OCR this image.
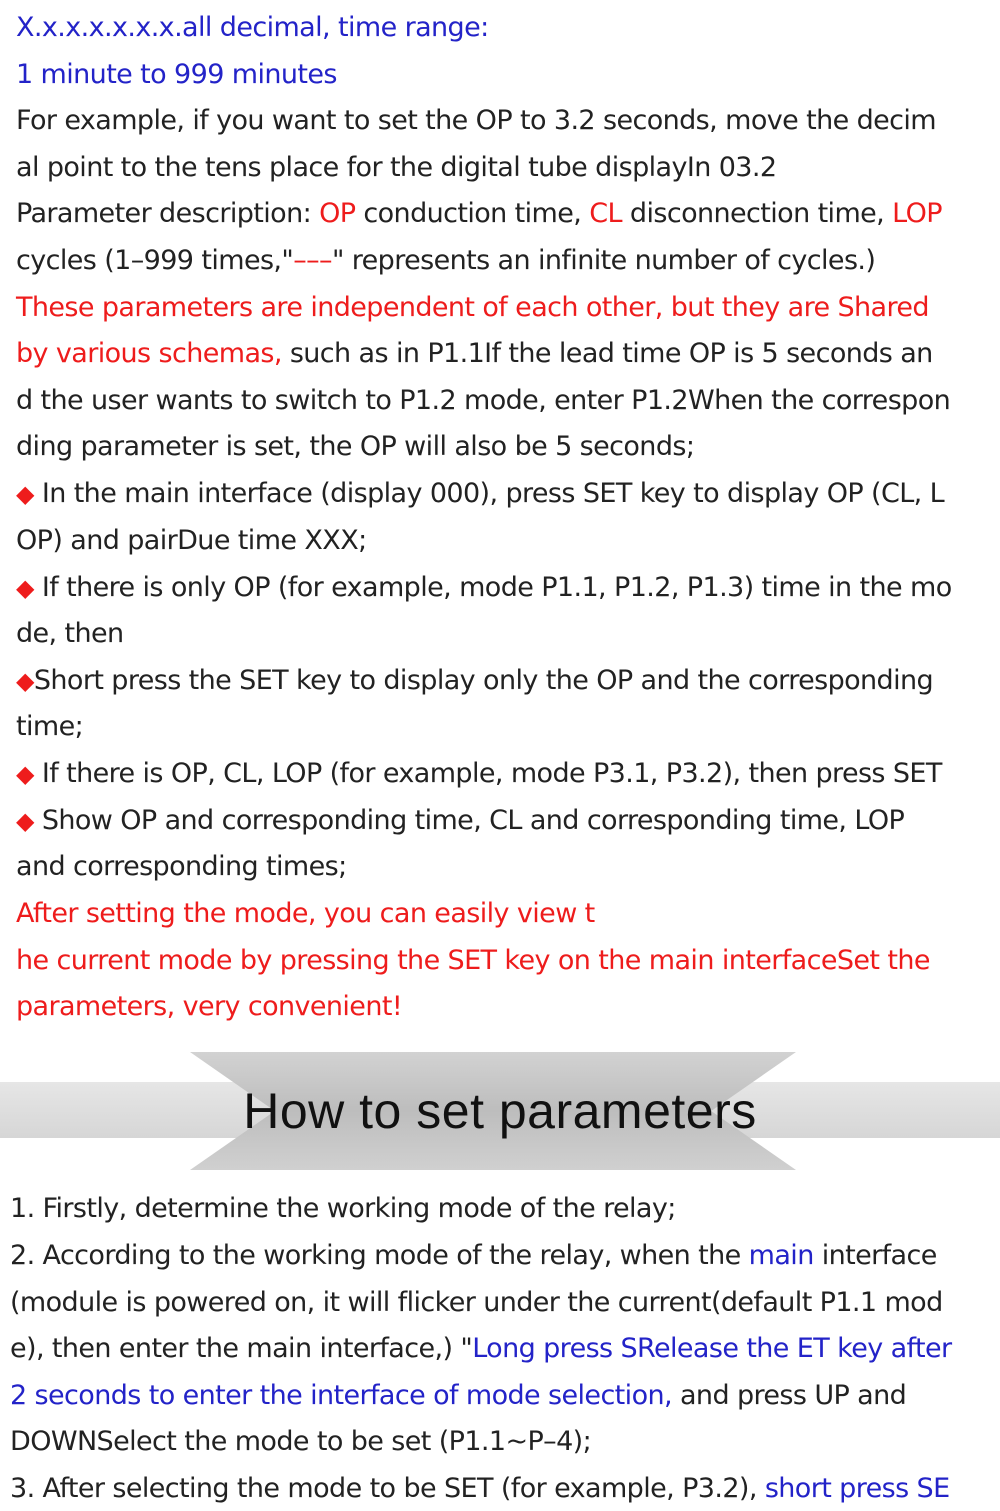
X.x.x.x.x.x.x.all decimal, time range:
1 minute to 999 minutes
For example, if you want to set the OP to 3.2 seconds, move the decim
al point to the tens place for the digital tube displayIn 03.2
Parameter description: OP conduction time, CL disconnection time, LOP
cycles (1–999 times,"–––" represents an infinite number of cycles.)
These parameters are independent of each other, but they are Shared
by various schemas, such as in P1.1If the lead time OP is 5 seconds an
d the user wants to switch to P1.2 mode, enter P1.2When the correspon
ding parameter is set, the OP will also be 5 seconds;
◆ In the main interface (display 000), press SET key to display OP (CL, L
OP) and pairDue time XXX;
◆ If there is only OP (for example, mode P1.1, P1.2, P1.3) time in the mo
de, then
◆Short press the SET key to display only the OP and the corresponding
time;
◆ If there is OP, CL, LOP (for example, mode P3.1, P3.2), then press SET
◆ Show OP and corresponding time, CL and corresponding time, LOP
and corresponding times;
After setting the mode, you can easily view t
he current mode by pressing the SET key on the main interfaceSet the
parameters, very convenient!
How to set parameters
1. Firstly, determine the working mode of the relay;
2. According to the working mode of the relay, when the main interface
(module is powered on, it will flicker under the current(default P1.1 mod
e), then enter the main interface,) "Long press SRelease the ET key after
2 seconds to enter the interface of mode selection, and press UP and
DOWNSelect the mode to be set (P1.1~P–4);
3. After selecting the mode to be SET (for example, P3.2), short press SE
